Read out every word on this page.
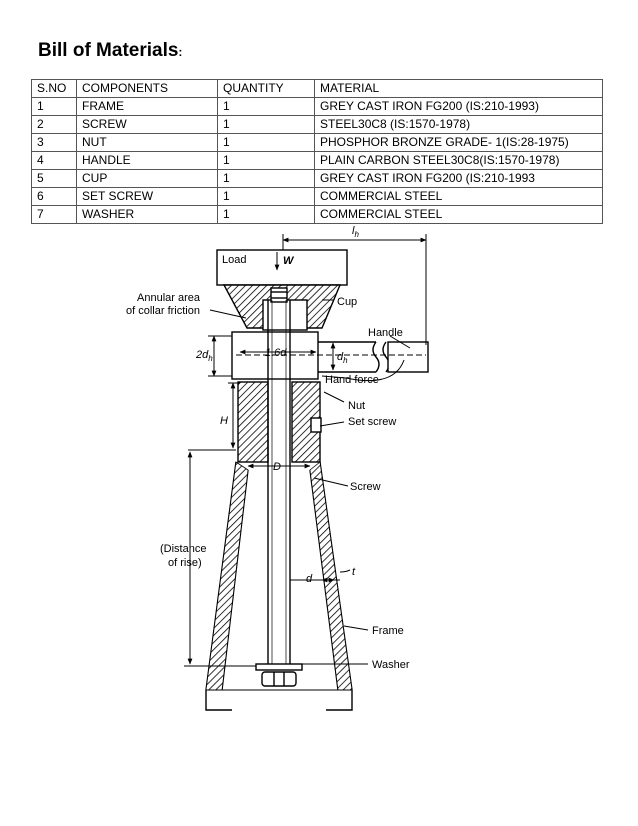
Bill of Materials:
S.NO	COMPONENTS	QUANTITY	MATERIAL
1	FRAME	1	GREY CAST IRON FG200 (IS:210-1993)
2	SCREW	1	STEEL30C8 (IS:1570-1978)
3	NUT	1	PHOSPHOR BRONZE GRADE- 1(IS:28-1975)
4	HANDLE	1	PLAIN CARBON STEEL30C8(IS:1570-1978)
5	CUP	1	GREY CAST IRON FG200 (IS:210-1993
6	SET SCREW	1	COMMERCIAL STEEL
7	WASHER	1	COMMERCIAL STEEL
Load	W
$l_h$
Annular area
of collar friction
Cup
Handle
$2d_h$	1.6d	$d_h$
Hand force
Nut
Set screw
H
D
Screw
(Distance
of rise)
d
t
Frame
Washer
